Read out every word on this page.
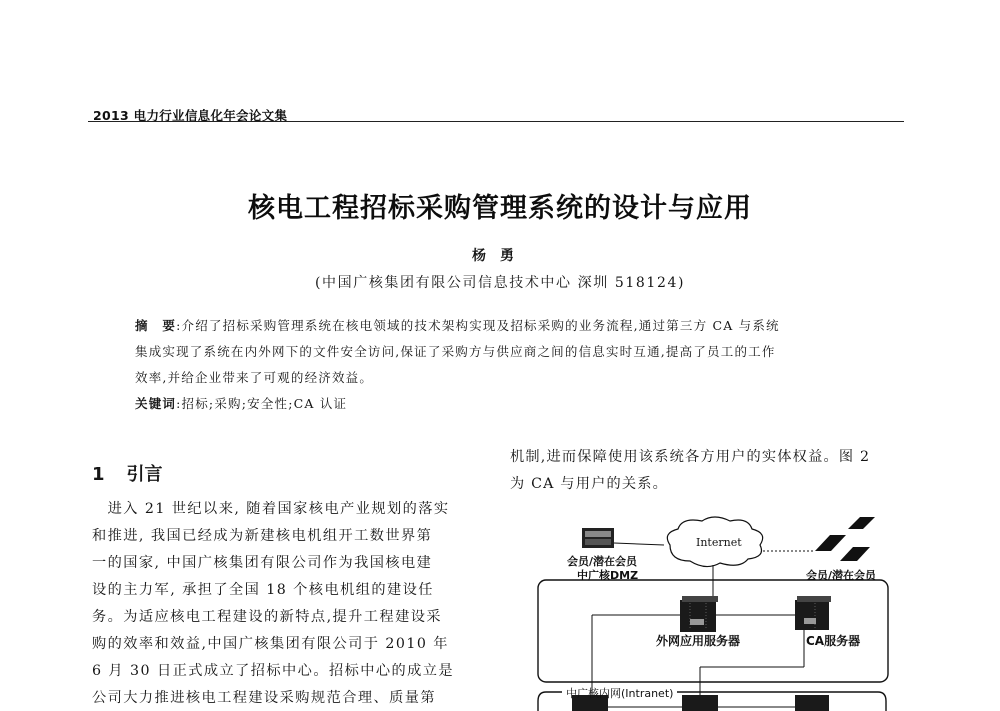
2013 电力行业信息化年会论文集
核电工程招标采购管理系统的设计与应用
杨勇
(中国广核集团有限公司信息技术中心 深圳 518124)
摘　要:介绍了招标采购管理系统在核电领域的技术架构实现及招标采购的业务流程,通过第三方 CA 与系统
集成实现了系统在内外网下的文件安全访问,保证了采购方与供应商之间的信息实时互通,提高了员工的工作
效率,并给企业带来了可观的经济效益。
关键词:招标;采购;安全性;CA 认证
1 引言
　进入 21 世纪以来, 随着国家核电产业规划的落实
和推进, 我国已经成为新建核电机组开工数世界第
一的国家, 中国广核集团有限公司作为我国核电建
设的主力军, 承担了全国 18 个核电机组的建设任
务。为适应核电工程建设的新特点,提升工程建设采
购的效率和效益,中国广核集团有限公司于 2010 年
6 月 30 日正式成立了招标中心。招标中心的成立是
公司大力推进核电工程建设采购规范合理、质量第
机制,进而保障使用该系统各方用户的实体权益。图 2
为 CA 与用户的关系。
Internet
会员/潜在会员
中广核DMZ	会员/潜在会员
外网应用服务器	CA服务器
中广核内网(Intranet)
